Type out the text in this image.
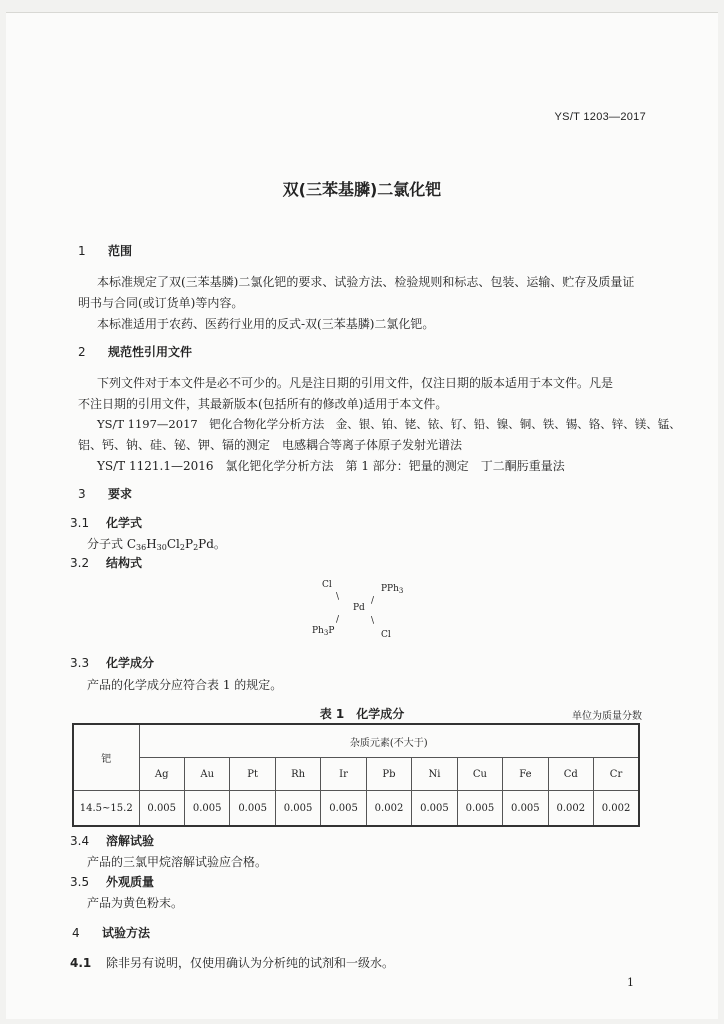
YS/T 1203—2017
双(三苯基膦)二氯化钯
1 范围
本标准规定了双(三苯基膦)二氯化钯的要求、试验方法、检验规则和标志、包装、运输、贮存及质量证
明书与合同(或订货单)等内容。
本标准适用于农药、医药行业用的反式-双(三苯基膦)二氯化钯。
2 规范性引用文件
下列文件对于本文件是必不可少的。凡是注日期的引用文件，仅注日期的版本适用于本文件。凡是
不注日期的引用文件，其最新版本(包括所有的修改单)适用于本文件。
YS/T 1197—2017　钯化合物化学分析方法　金、银、铂、铑、铱、钌、铅、镍、铜、铁、锡、铬、锌、镁、锰、
铝、钙、钠、硅、铋、钾、镉的测定　电感耦合等离子体原子发射光谱法
YS/T 1121.1—2016　氯化钯化学分析方法　第 1 部分：钯量的测定　丁二酮肟重量法
3 要求
3.1 化学式
分子式 $C_{36}H_{30}Cl_2P_2Pd$。
3.2 结构式
Cl	PPh$_3$
\	/
Pd
/	\
$Ph_3P$	Cl
3.3 化学成分
产品的化学成分应符合表 1 的规定。
表 1　化学成分	单位为质量分数
钯	杂质元素(不大于)										
	Ag	Au	Pt	Rh	Ir	Pb	Ni	Cu	Fe	Cd	Cr
14.5~15.2	0.005	0.005	0.005	0.005	0.005	0.002	0.005	0.005	0.005	0.002	0.002
3.4 溶解试验
产品的三氯甲烷溶解试验应合格。
3.5 外观质量
产品为黄色粉末。
4 试验方法
4.1 除非另有说明，仅使用确认为分析纯的试剂和一级水。
1
